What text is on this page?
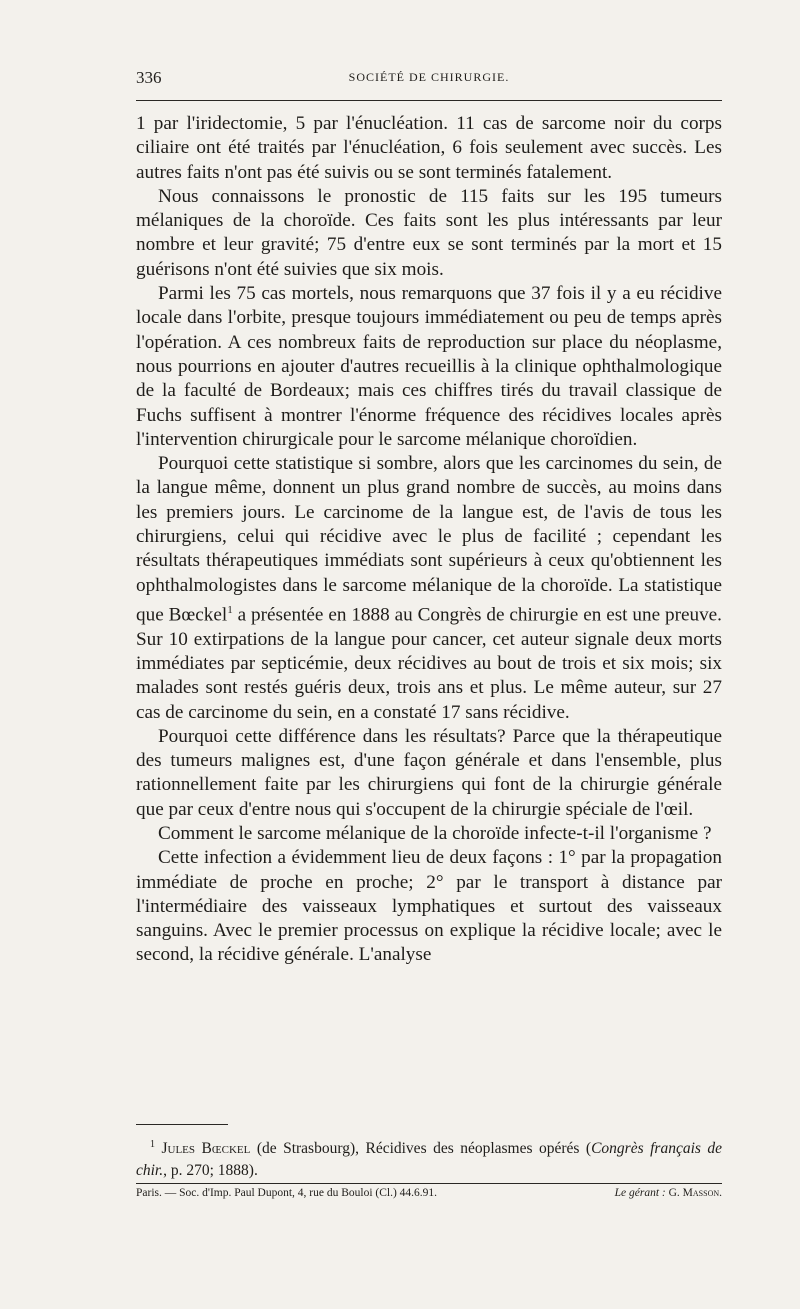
336	SOCIÉTÉ DE CHIRURGIE.

1 par l'iridectomie, 5 par l'énucléation. 11 cas de sarcome noir du corps ciliaire ont été traités par l'énucléation, 6 fois seulement avec succès. Les autres faits n'ont pas été suivis ou se sont terminés fatalement.

Nous connaissons le pronostic de 115 faits sur les 195 tumeurs mélaniques de la choroïde. Ces faits sont les plus intéressants par leur nombre et leur gravité; 75 d'entre eux se sont terminés par la mort et 15 guérisons n'ont été suivies que six mois.

Parmi les 75 cas mortels, nous remarquons que 37 fois il y a eu récidive locale dans l'orbite, presque toujours immédiatement ou peu de temps après l'opération. A ces nombreux faits de reproduction sur place du néoplasme, nous pourrions en ajouter d'autres recueillis à la clinique ophthalmologique de la faculté de Bordeaux; mais ces chiffres tirés du travail classique de Fuchs suffisent à montrer l'énorme fréquence des récidives locales après l'intervention chirurgicale pour le sarcome mélanique choroïdien.

Pourquoi cette statistique si sombre, alors que les carcinomes du sein, de la langue même, donnent un plus grand nombre de succès, au moins dans les premiers jours. Le carcinome de la langue est, de l'avis de tous les chirurgiens, celui qui récidive avec le plus de facilité ; cependant les résultats thérapeutiques immédiats sont supérieurs à ceux qu'obtiennent les ophthalmologistes dans le sarcome mélanique de la choroïde. La statistique que Bœckel$^1$ a présentée en 1888 au Congrès de chirurgie en est une preuve. Sur 10 extirpations de la langue pour cancer, cet auteur signale deux morts immédiates par septicémie, deux récidives au bout de trois et six mois; six malades sont restés guéris deux, trois ans et plus. Le même auteur, sur 27 cas de carcinome du sein, en a constaté 17 sans récidive.

Pourquoi cette différence dans les résultats? Parce que la thérapeutique des tumeurs malignes est, d'une façon générale et dans l'ensemble, plus rationnellement faite par les chirurgiens qui font de la chirurgie générale que par ceux d'entre nous qui s'occupent de la chirurgie spéciale de l'œil.

Comment le sarcome mélanique de la choroïde infecte-t-il l'organisme ?

Cette infection a évidemment lieu de deux façons : 1° par la propagation immédiate de proche en proche; 2° par le transport à distance par l'intermédiaire des vaisseaux lymphatiques et surtout des vaisseaux sanguins. Avec le premier processus on explique la récidive locale; avec le second, la récidive générale. L'analyse

$^1$ Jules Bœckel (de Strasbourg), Récidives des néoplasmes opérés (Congrès français de chir., p. 270; 1888).
Paris. — Soc. d'Imp. Paul Dupont, 4, rue du Bouloi (Cl.) 44.6.91.	Le gérant : G. Masson.
